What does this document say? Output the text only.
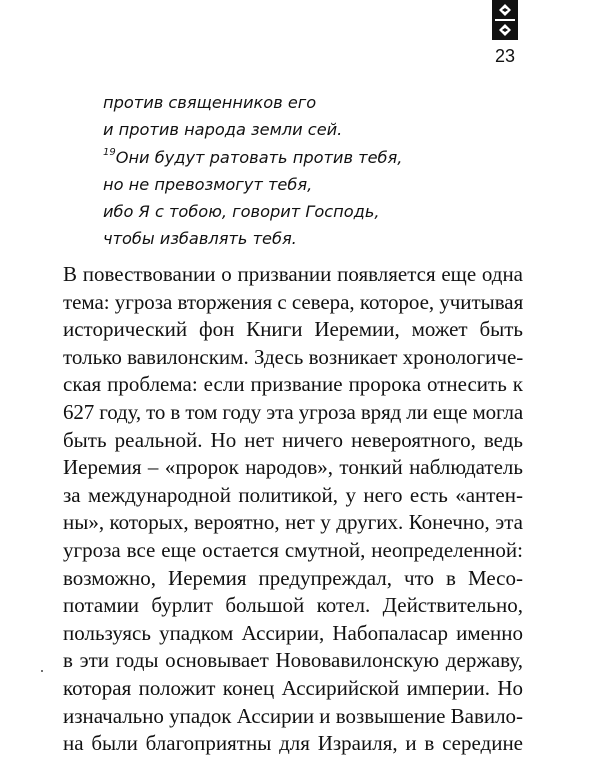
23
против священников его
и против народа земли сей.
$^{19}$Они будут ратовать против тебя,
но не превозмогут тебя,
ибо Я с тобою, говорит Господь,
чтобы избавлять тебя.
В повествовании о призвании появляется еще одна
тема: угроза вторжения с севера, которое, учитывая
исторический фон Книги Иеремии, может быть
только вавилонским. Здесь возникает хронологиче-
ская проблема: если призвание пророка отнесить к
627 году, то в том году эта угроза вряд ли еще могла
быть реальной. Но нет ничего невероятного, ведь
Иеремия – «пророк народов», тонкий наблюдатель
за международной политикой, у него есть «антен-
ны», которых, вероятно, нет у других. Конечно, эта
угроза все еще остается смутной, неопределенной:
возможно, Иеремия предупреждал, что в Месо-
потамии бурлит большой котел. Действительно,
пользуясь упадком Ассирии, Набопаласар именно
в эти годы основывает Нововавилонскую державу,
которая положит конец Ассирийской империи. Но
изначально упадок Ассирии и возвышение Вавило-
на были благоприятны для Израиля, и в середине
